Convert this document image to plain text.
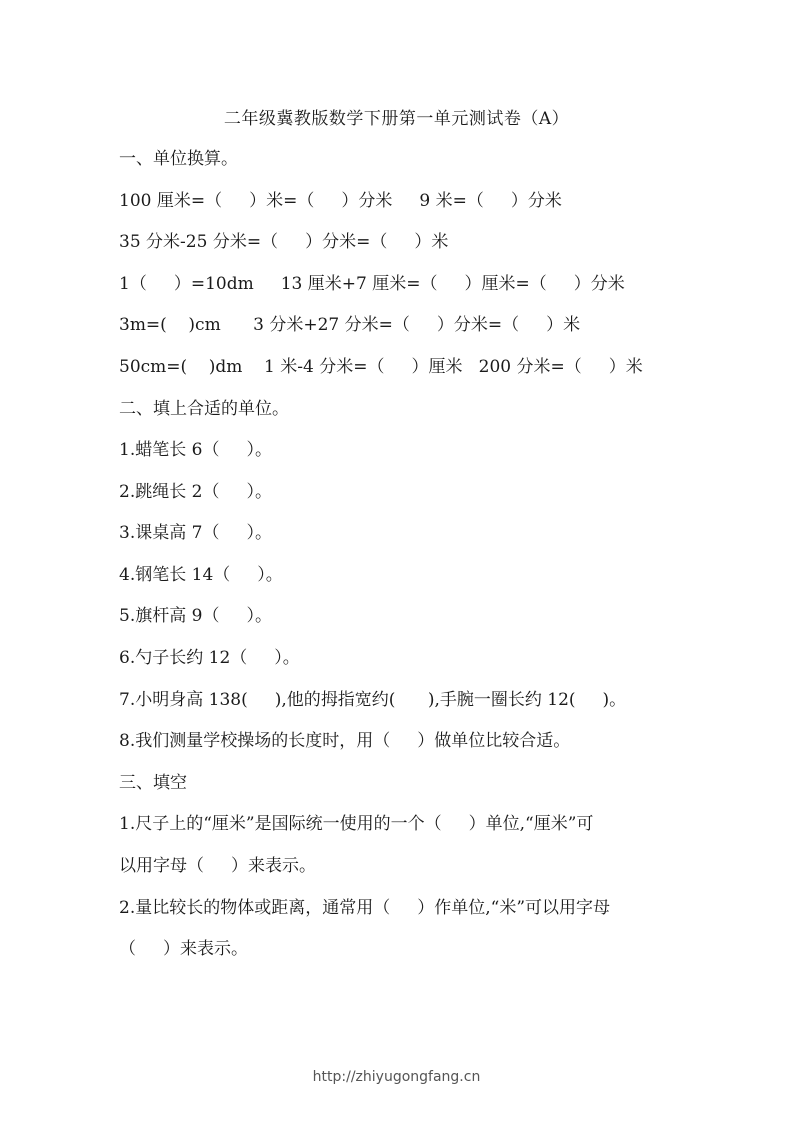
二年级冀教版数学下册第一单元测试卷（A）
一、单位换算。
100 厘米=（     ）米=（     ）分米     9 米=（     ）分米
35 分米-25 分米=（     ）分米=（     ）米
1（     ）=10dm     13 厘米+7 厘米=（     ）厘米=（     ）分米
3m=(    )cm      3 分米+27 分米=（     ）分米=（     ）米
50cm=(    )dm    1 米-4 分米=（     ）厘米   200 分米=（     ）米
二、填上合适的单位。
1.蜡笔长 6（     ）。
2.跳绳长 2（     ）。
3.课桌高 7（     ）。
4.钢笔长 14（     ）。
5.旗杆高 9（     ）。
6.勺子长约 12（     ）。
7.小明身高 138(     ),他的拇指宽约(      ),手腕一圈长约 12(     )。
8.我们测量学校操场的长度时，用（     ）做单位比较合适。
三、填空
1.尺子上的“厘米”是国际统一使用的一个（     ）单位,“厘米”可
以用字母（     ）来表示。
2.量比较长的物体或距离，通常用（     ）作单位,“米”可以用字母
（     ）来表示。
http://zhiyugongfang.cn
